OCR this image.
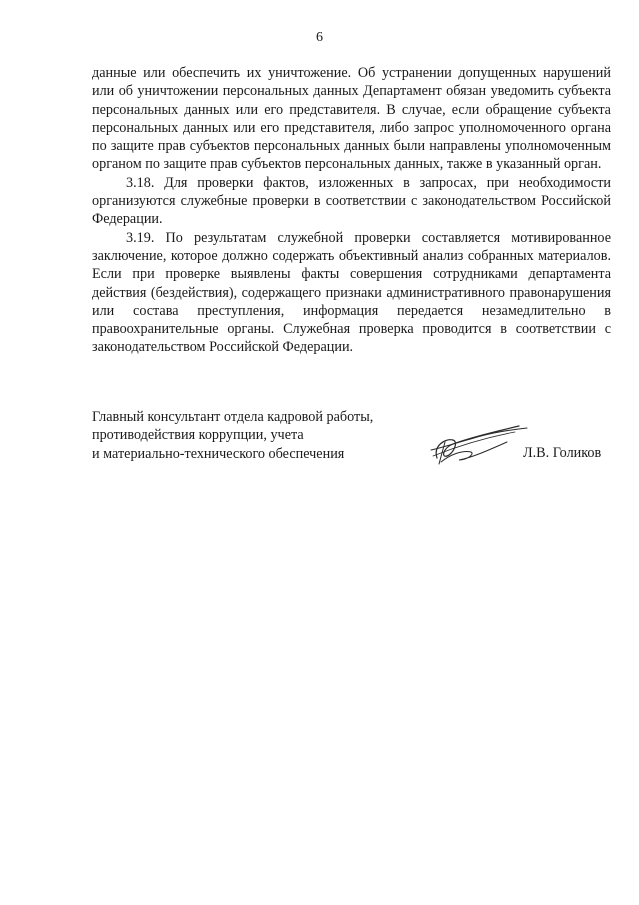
6

данные или обеспечить их уничтожение. Об устранении допущенных нарушений или об уничтожении персональных данных Департамент обязан уведомить субъекта персональных данных или его представителя. В случае, если обращение субъекта персональных данных или его представителя, либо запрос уполномоченного органа по защите прав субъектов персональных данных были направлены уполномоченным органом по защите прав субъектов персональных данных, также в указанный орган.

3.18. Для проверки фактов, изложенных в запросах, при необходимости организуются служебные проверки в соответствии с законодательством Российской Федерации.

3.19. По результатам служебной проверки составляется мотивированное заключение, которое должно содержать объективный анализ собранных материалов. Если при проверке выявлены факты совершения сотрудниками департамента действия (бездействия), содержащего признаки административного правонарушения или состава преступления, информация передается незамедлительно в правоохранительные органы. Служебная проверка проводится в соответствии с законодательством Российской Федерации.

Главный консультант отдела кадровой работы,
противодействия коррупции, учета
и материально-технического обеспечения	Л.В. Голиков
